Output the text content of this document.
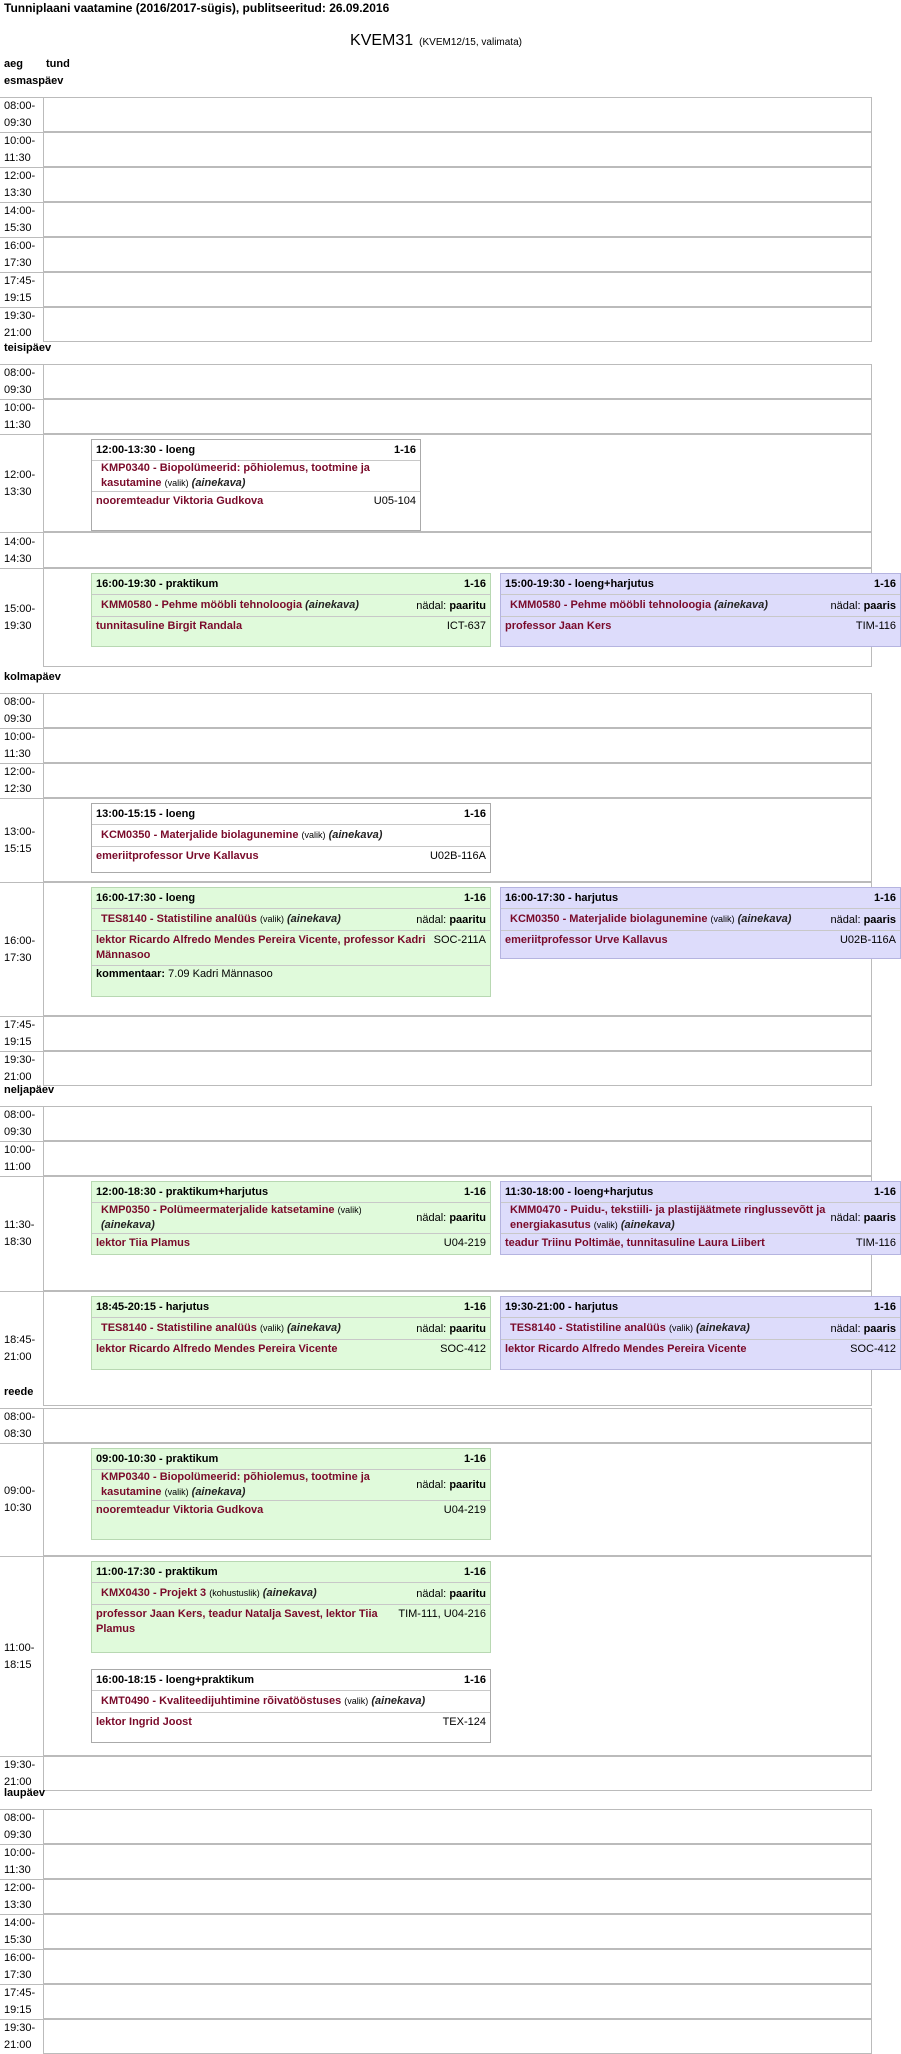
Tunniplaani vaatamine (2016/2017-sügis), publitseeritud: 26.09.2016
KVEM31 (KVEM12/15, valimata)
aeg tund
esmaspäev
08:00-
09:30
10:00-
11:30
12:00-
13:30
14:00-
15:30
16:00-
17:30
17:45-
19:15
19:30-
21:00
teisipäev
08:00-
09:30
10:00-
11:30
12:00-
13:30
12:00-13:30 - loeng	1-16
KMP0340 - Biopolümeerid: põhiolemus, tootmine ja kasutamine (valik) (ainekava)
nooremteadur Viktoria Gudkova	U05-104
14:00-
14:30
15:00-
19:30
16:00-19:30 - praktikum	1-16
KMM0580 - Pehme mööbli tehnoloogia (ainekava)	nädal: paaritu
tunnitasuline Birgit Randala	ICT-637
15:00-19:30 - loeng+harjutus	1-16
KMM0580 - Pehme mööbli tehnoloogia (ainekava)	nädal: paaris
professor Jaan Kers	TIM-116
kolmapäev
08:00-
09:30
10:00-
11:30
12:00-
12:30
13:00-
15:15
13:00-15:15 - loeng	1-16
KCM0350 - Materjalide biolagunemine (valik) (ainekava)
emeriitprofessor Urve Kallavus	U02B-116A
16:00-
17:30
16:00-17:30 - loeng	1-16
TES8140 - Statistiline analüüs (valik) (ainekava)	nädal: paaritu
lektor Ricardo Alfredo Mendes Pereira Vicente, professor Kadri Männasoo
SOC-211A
kommentaar: 7.09 Kadri Männasoo
16:00-17:30 - harjutus	1-16
KCM0350 - Materjalide biolagunemine (valik) (ainekava)	nädal: paaris
emeriitprofessor Urve Kallavus	U02B-116A
17:45-
19:15
19:30-
21:00
neljapäev
08:00-
09:30
10:00-
11:00
11:30-
18:30
12:00-18:30 - praktikum+harjutus	1-16
KMP0350 - Polümeermaterjalide katsetamine (valik) (ainekava)
nädal: paaritu
lektor Tiia Plamus	U04-219
11:30-18:00 - loeng+harjutus	1-16
KMM0470 - Puidu-, tekstiili- ja plastijäätmete ringlussevõtt ja energiakasutus (valik) (ainekava)
nädal: paaris
teadur Triinu Poltimäe, tunnitasuline Laura Liibert	TIM-116
18:45-
21:00
18:45-20:15 - harjutus	1-16
TES8140 - Statistiline analüüs (valik) (ainekava)	nädal: paaritu
lektor Ricardo Alfredo Mendes Pereira Vicente	SOC-412
19:30-21:00 - harjutus	1-16
TES8140 - Statistiline analüüs (valik) (ainekava)	nädal: paaris
lektor Ricardo Alfredo Mendes Pereira Vicente	SOC-412
reede
08:00-
08:30
09:00-
10:30
09:00-10:30 - praktikum	1-16
KMP0340 - Biopolümeerid: põhiolemus, tootmine ja kasutamine (valik) (ainekava)
nädal: paaritu
nooremteadur Viktoria Gudkova	U04-219
11:00-
18:15
11:00-17:30 - praktikum	1-16
KMX0430 - Projekt 3 (kohustuslik) (ainekava)	nädal: paaritu
professor Jaan Kers, teadur Natalja Savest, lektor Tiia Plamus
TIM-111, U04-216
16:00-18:15 - loeng+praktikum	1-16
KMT0490 - Kvaliteedijuhtimine rõivatööstuses (valik) (ainekava)
lektor Ingrid Joost	TEX-124
19:30-
21:00
laupäev
08:00-
09:30
10:00-
11:30
12:00-
13:30
14:00-
15:30
16:00-
17:30
17:45-
19:15
19:30-
21:00
